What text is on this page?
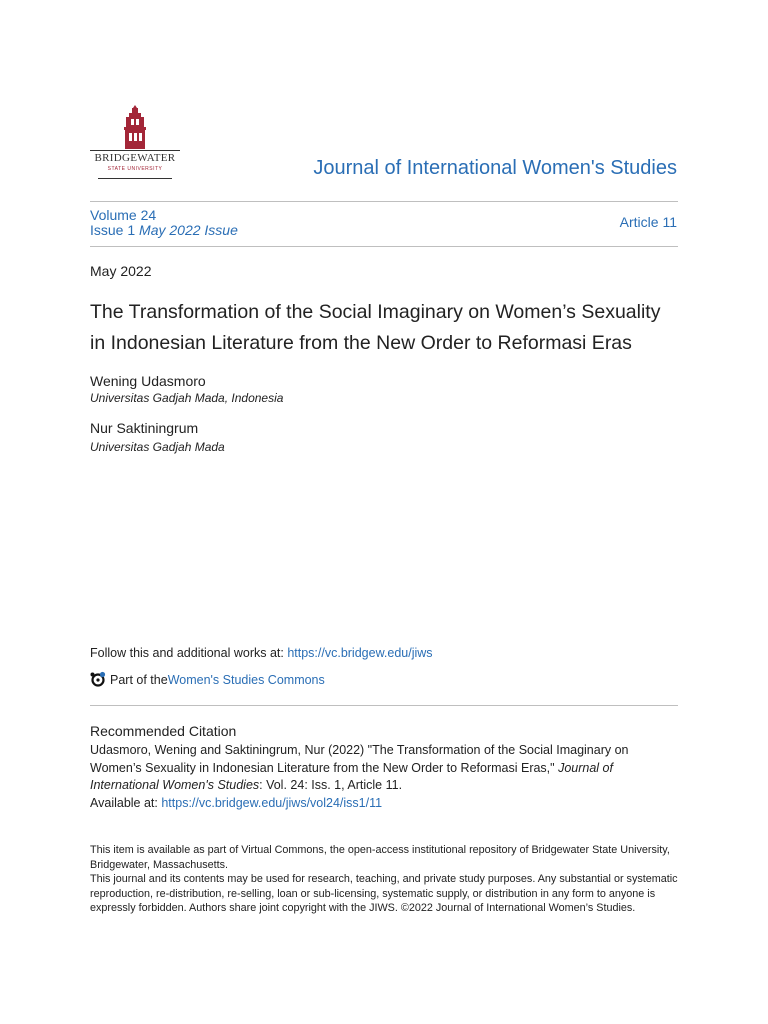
BRIDGEWATER
STATE UNIVERSITY	Journal of International Women's Studies
Volume 24
Issue 1 May 2022 Issue	Article 11
May 2022
The Transformation of the Social Imaginary on Women’s Sexuality
in Indonesian Literature from the New Order to Reformasi Eras
Wening Udasmoro
Universitas Gadjah Mada, Indonesia
Nur Saktiningrum
Universitas Gadjah Mada
Follow this and additional works at: https://vc.bridgew.edu/jiws
Part of the Women's Studies Commons
Recommended Citation
Udasmoro, Wening and Saktiningrum, Nur (2022) "The Transformation of the Social Imaginary on Women’s Sexuality in Indonesian Literature from the New Order to Reformasi Eras," Journal of International Women's Studies: Vol. 24: Iss. 1, Article 11.
Available at: https://vc.bridgew.edu/jiws/vol24/iss1/11
This item is available as part of Virtual Commons, the open-access institutional repository of Bridgewater State University, Bridgewater, Massachusetts.
This journal and its contents may be used for research, teaching, and private study purposes. Any substantial or systematic reproduction, re-distribution, re-selling, loan or sub-licensing, systematic supply, or distribution in any form to anyone is expressly forbidden. Authors share joint copyright with the JIWS. ©2022 Journal of International Women’s Studies.
